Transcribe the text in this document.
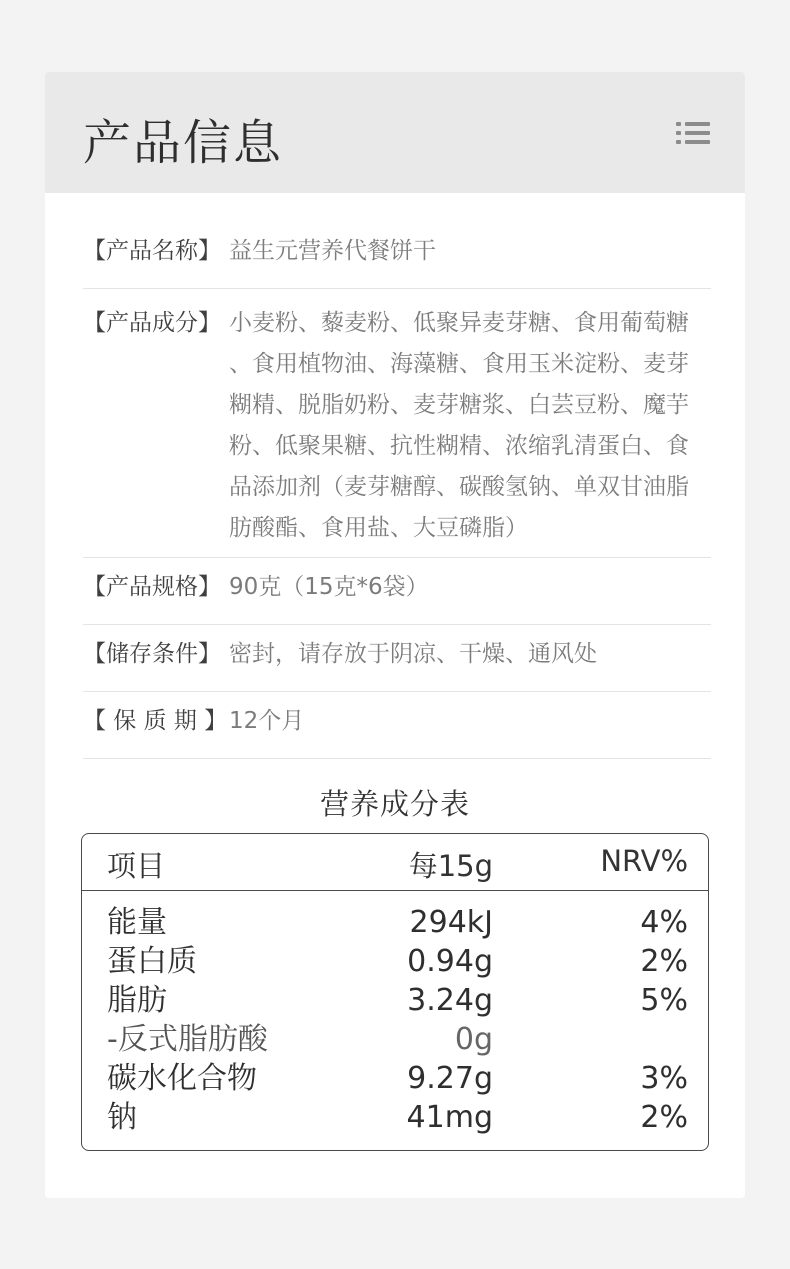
产品信息
【产品名称】 益生元营养代餐饼干
【产品成分】 小麦粉、藜麦粉、低聚异麦芽糖、食用葡萄糖
、食用植物油、海藻糖、食用玉米淀粉、麦芽
糊精、脱脂奶粉、麦芽糖浆、白芸豆粉、魔芋
粉、低聚果糖、抗性糊精、浓缩乳清蛋白、食
品添加剂（麦芽糖醇、碳酸氢钠、单双甘油脂
肪酸酯、食用盐、大豆磷脂）
【产品规格】 90克（15克*6袋）
【储存条件】 密封，请存放于阴凉、干燥、通风处
【 保 质 期 】 12个月
营养成分表
项目	每15g	NRV%
能量	294kJ	4%
蛋白质	0.94g	2%
脂肪	3.24g	5%
-反式脂肪酸	0g
碳水化合物	9.27g	3%
钠	41mg	2%
